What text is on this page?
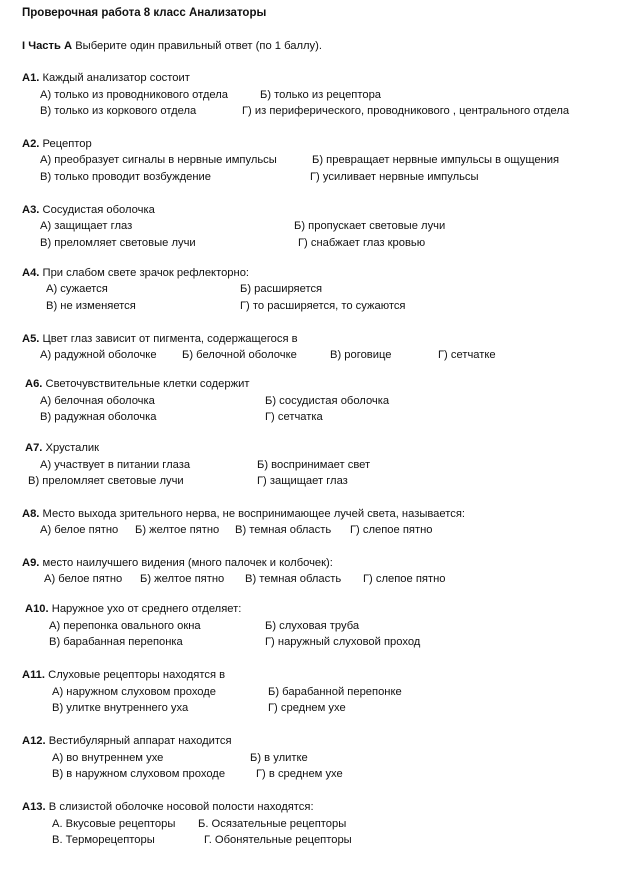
Проверочная работа 8 класс Анализаторы
I Часть А Выберите один правильный ответ (по 1 баллу).
А1. Каждый анализатор состоит
А) только из проводникового отдела	Б) только из рецептора
В) только из коркового отдела	Г) из периферического, проводникового , центрального отдела
А2. Рецептор
А) преобразует сигналы в нервные импульсы	Б) превращает нервные импульсы в ощущения
В) только проводит возбуждение	Г) усиливает нервные импульсы
А3. Сосудистая оболочка
А) защищает глаз	Б) пропускает световые лучи
В) преломляет световые лучи	Г) снабжает глаз кровью
А4. При слабом свете зрачок рефлекторно:
А) сужается	Б) расширяется
В) не изменяется	Г) то расширяется, то сужаются
А5. Цвет глаз зависит от пигмента, содержащегося в
А) радужной оболочке Б) белочной оболочке	В) роговице	Г) сетчатке
А6. Светочувствительные клетки содержит
А) белочная оболочка	Б) сосудистая оболочка
В) радужная оболочка	Г) сетчатка
А7. Хрусталик
А) участвует в питании глаза	Б) воспринимает свет
В) преломляет световые лучи	Г) защищает глаз
А8. Место выхода зрительного нерва, не воспринимающее лучей света, называется:
А) белое пятно Б) желтое пятно В) темная область Г) слепое пятно
А9. место наилучшего видения (много палочек и колбочек):
А) белое пятно Б) желтое пятно В) темная область Г) слепое пятно
А10. Наружное ухо от среднего отделяет:
А) перепонка овального окна	Б) слуховая труба
В) барабанная перепонка	Г) наружный слуховой проход
А11. Слуховые рецепторы находятся в
А) наружном слуховом проходе	Б) барабанной перепонке
В) улитке внутреннего уха	Г) среднем ухе
А12. Вестибулярный аппарат находится
А) во внутреннем ухе	Б) в улитке
В) в наружном слуховом проходе	Г) в среднем ухе
А13. В слизистой оболочке носовой полости находятся:
А. Вкусовые рецепторы Б. Осязательные рецепторы
В. Терморецепторы	Г. Обонятельные рецепторы
